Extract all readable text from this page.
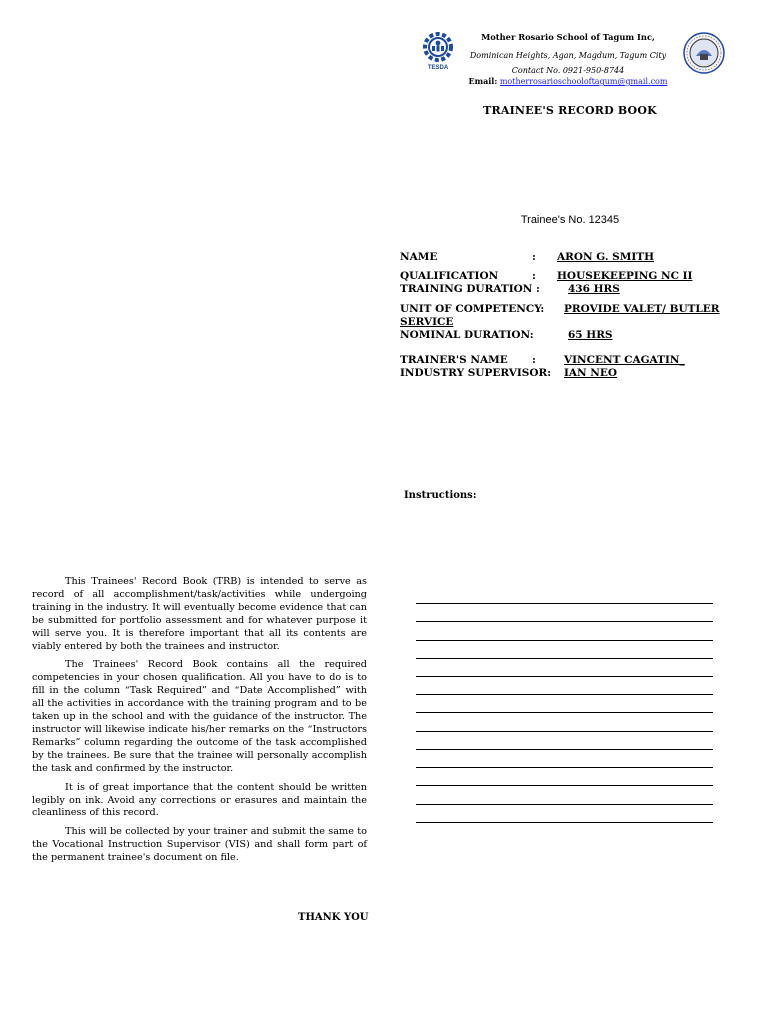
TESDA
Mother Rosario School of Tagum Inc,
Dominican Heights, Agan, Magdum, Tagum City
Contact No. 0921-950-8744
Email: motherrosarioschooloftagum@gmail.com
TRAINEE'S RECORD BOOK
Trainee's No. 12345
NAME	: ARON G. SMITH
QUALIFICATION	: HOUSEKEEPING NC II
TRAINING DURATION :	436 HRS
UNIT OF COMPETENCY: PROVIDE VALET/ BUTLER
SERVICE
NOMINAL DURATION:	65 HRS
TRAINER'S NAME :	VINCENT CAGATIN_
INDUSTRY SUPERVISOR: IAN NEO
Instructions:

This Trainees' Record Book (TRB) is intended to serve as record of all accomplishment/task/activities while undergoing training in the industry. It will eventually become evidence that can be submitted for portfolio assessment and for whatever purpose it will serve you. It is therefore important that all its contents are viably entered by both the trainees and instructor.

The Trainees' Record Book contains all the required competencies in your chosen qualification. All you have to do is to fill in the column “Task Required” and “Date Accomplished” with all the activities in accordance with the training program and to be taken up in the school and with the guidance of the instructor. The instructor will likewise indicate his/her remarks on the “Instructors Remarks” column regarding the outcome of the task accomplished by the trainees. Be sure that the trainee will personally accomplish the task and confirmed by the instructor.

It is of great importance that the content should be written legibly on ink. Avoid any corrections or erasures and maintain the cleanliness of this record.

This will be collected by your trainer and submit the same to the Vocational Instruction Supervisor (VIS) and shall form part of the permanent trainee's document on file.

THANK YOU
